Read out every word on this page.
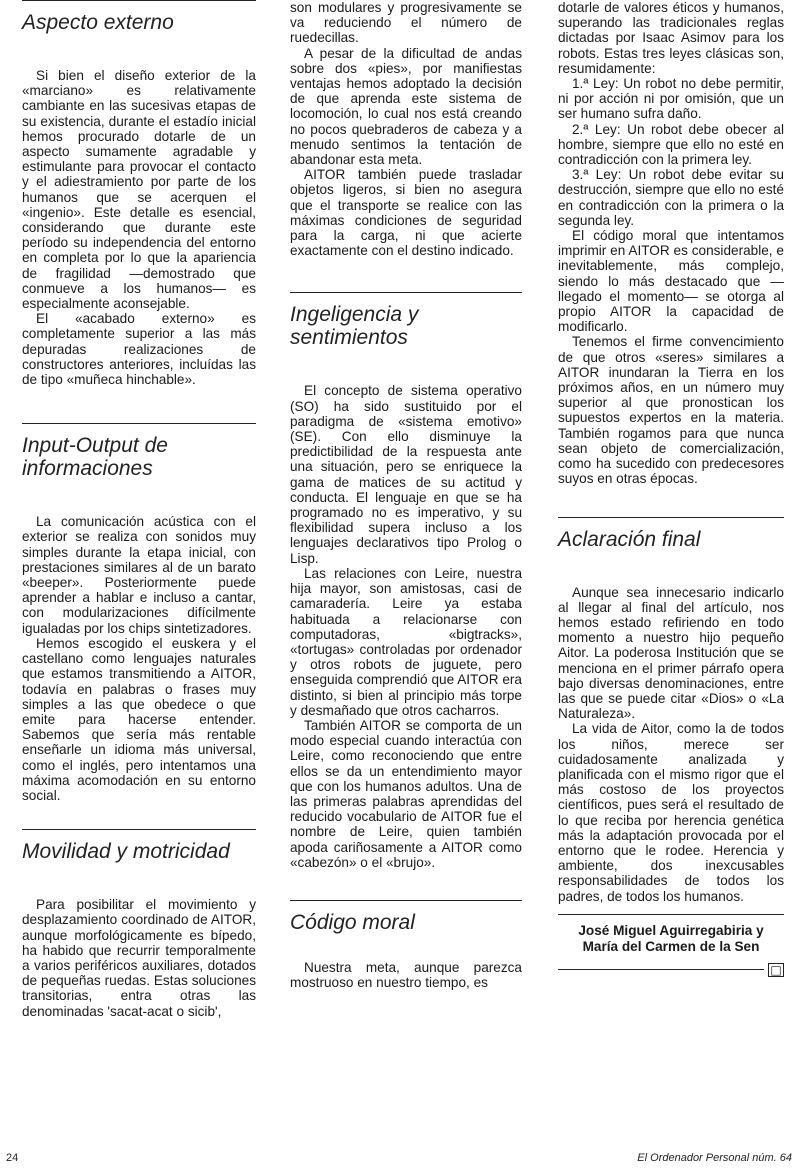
Aspecto externo

Si bien el diseño exterior de la «marciano» es relativamente cambiante en las sucesivas etapas de su existencia, durante el estadío inicial hemos procurado dotarle de un aspecto sumamente agradable y estimulante para provocar el contacto y el adiestramiento por parte de los humanos que se acerquen el «ingenio». Este detalle es esencial, considerando que durante este período su independencia del entorno en completa por lo que la apariencia de fragilidad —demostrado que conmueve a los humanos— es especialmente aconsejable.

El «acabado externo» es completamente superior a las más depuradas realizaciones de constructores anteriores, incluídas las de tipo «muñeca hinchable».

Input-Output de informaciones

La comunicación acústica con el exterior se realiza con sonidos muy simples durante la etapa inicial, con prestaciones similares al de un barato «beeper». Posteriormente puede aprender a hablar e incluso a cantar, con modularizaciones difícilmente igualadas por los chips sintetizadores.

Hemos escogido el euskera y el castellano como lenguajes naturales que estamos transmitiendo a AITOR, todavía en palabras o frases muy simples a las que obedece o que emite para hacerse entender. Sabemos que sería más rentable enseñarle un idioma más universal, como el inglés, pero intentamos una máxima acomodación en su entorno social.

Movilidad y motricidad

Para posibilitar el movimiento y desplazamiento coordinado de AITOR, aunque morfológicamente es bípedo, ha habido que recurrir temporalmente a varios periféricos auxiliares, dotados de pequeñas ruedas. Estas soluciones transitorias, entra otras las denominadas 'sacat-acat o sicib',

son modulares y progresivamente se va reduciendo el número de ruedecillas.

A pesar de la dificultad de andas sobre dos «pies», por manifiestas ventajas hemos adoptado la decisión de que aprenda este sistema de locomoción, lo cual nos está creando no pocos quebraderos de cabeza y a menudo sentimos la tentación de abandonar esta meta.

AITOR también puede trasladar objetos ligeros, si bien no asegura que el transporte se realice con las máximas condiciones de seguridad para la carga, ni que acierte exactamente con el destino indicado.

Ingeligencia y sentimientos

El concepto de sistema operativo (SO) ha sido sustituido por el paradigma de «sistema emotivo» (SE). Con ello disminuye la predictibilidad de la respuesta ante una situación, pero se enriquece la gama de matices de su actitud y conducta. El lenguaje en que se ha programado no es imperativo, y su flexibilidad supera incluso a los lenguajes declarativos tipo Prolog o Lisp.

Las relaciones con Leire, nuestra hija mayor, son amistosas, casi de camaradería. Leire ya estaba habituada a relacionarse con computadoras, «bigtracks», «tortugas» controladas por ordenador y otros robots de juguete, pero enseguida comprendió que AITOR era distinto, si bien al principio más torpe y desmañado que otros cacharros.

También AITOR se comporta de un modo especial cuando interactúa con Leire, como reconociendo que entre ellos se da un entendimiento mayor que con los humanos adultos. Una de las primeras palabras aprendidas del reducido vocabulario de AITOR fue el nombre de Leire, quien también apoda cariñosamente a AITOR como «cabezón» o el «brujo».

Código moral

Nuestra meta, aunque parezca mostruoso en nuestro tiempo, es

dotarle de valores éticos y humanos, superando las tradicionales reglas dictadas por Isaac Asimov para los robots. Estas tres leyes clásicas son, resumidamente:

1.ª Ley: Un robot no debe permitir, ni por acción ni por omisión, que un ser humano sufra daño.

2.ª Ley: Un robot debe obecer al hombre, siempre que ello no esté en contradicción con la primera ley.

3.ª Ley: Un robot debe evitar su destrucción, siempre que ello no esté en contradicción con la primera o la segunda ley.

El código moral que intentamos imprimir en AITOR es considerable, e inevitablemente, más complejo, siendo lo más destacado que —llegado el momento— se otorga al propio AITOR la capacidad de modificarlo.

Tenemos el firme convencimiento de que otros «seres» similares a AITOR inundaran la Tierra en los próximos años, en un número muy superior al que pronostican los supuestos expertos en la materia. También rogamos para que nunca sean objeto de comercialización, como ha sucedido con predecesores suyos en otras épocas.

Aclaración final

Aunque sea innecesario indicarlo al llegar al final del artículo, nos hemos estado refiriendo en todo momento a nuestro hijo pequeño Aitor. La poderosa Institución que se menciona en el primer párrafo opera bajo diversas denominaciones, entre las que se puede citar «Dios» o «La Naturaleza».

La vida de Aitor, como la de todos los niños, merece ser cuidadosamente analizada y planificada con el mismo rigor que el más costoso de los proyectos científicos, pues será el resultado de lo que reciba por herencia genética más la adaptación provocada por el entorno que le rodee. Herencia y ambiente, dos inexcusables responsabilidades de todos los padres, de todos los humanos.

José Miguel Aguirregabiria y
María del Carmen de la Sen
□
24	El Ordenador Personal núm. 64
